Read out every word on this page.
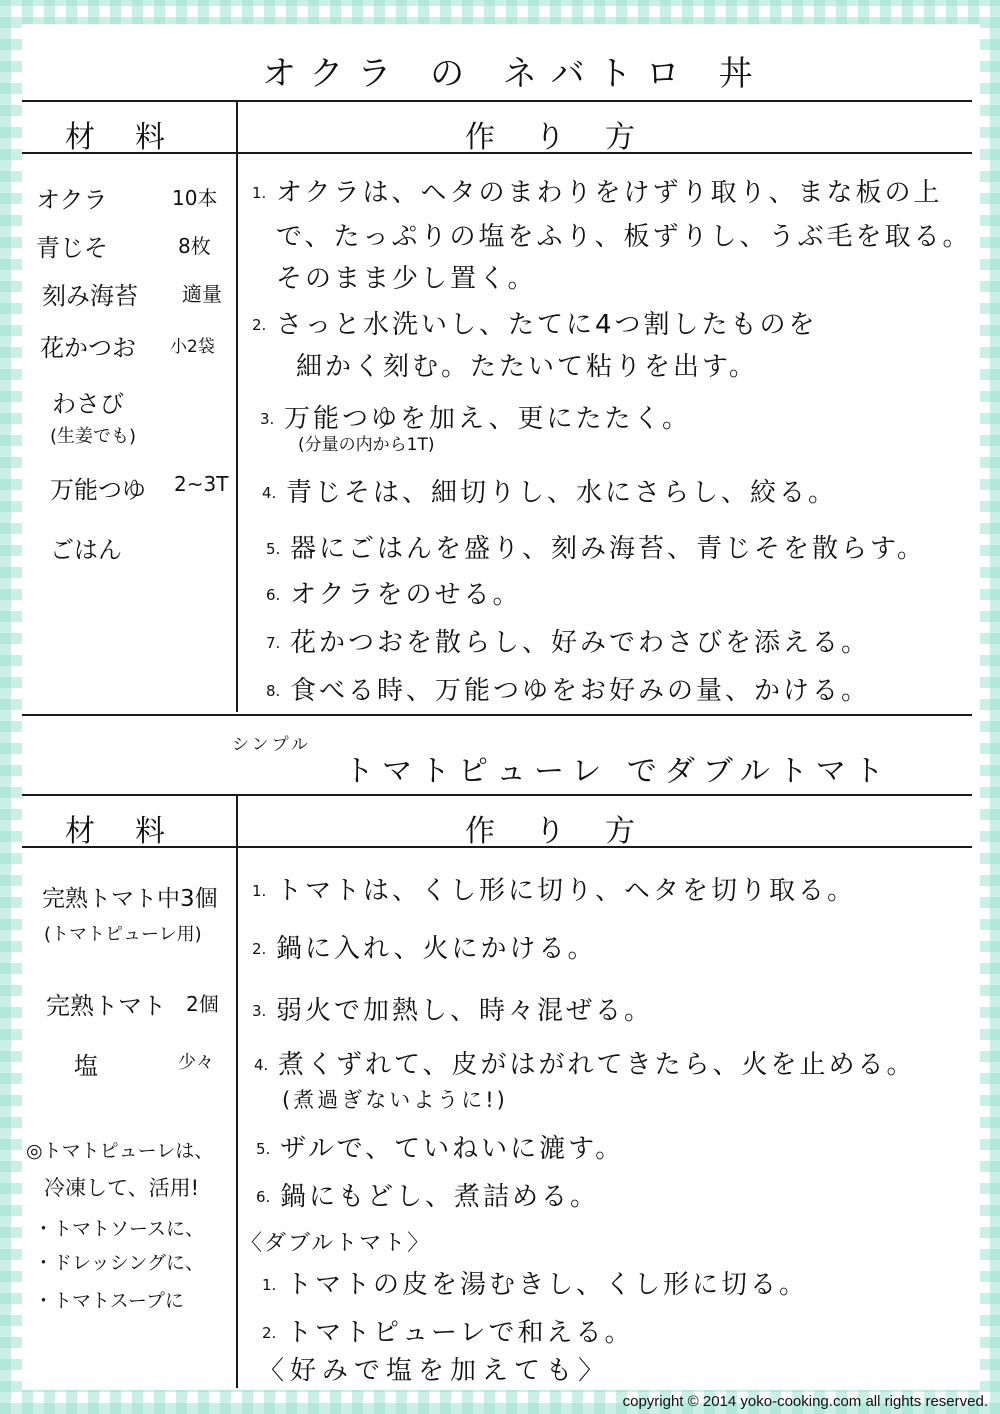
オクラ の ネバトロ 丼
材料	作り方
オクラ	10本
青じそ	8枚
刻み海苔 適量
花かつお 小2袋
わさび
(生姜でも)
万能つゆ 2~3T
ごはん
1. オクラは、ヘタのまわりをけずり取り、まな板の上
で、たっぷりの塩をふり、板ずりし、うぶ毛を取る。
そのまま少し置く。
2. さっと水洗いし、たてに4つ割したものを
細かく刻む。たたいて粘りを出す。
3. 万能つゆを加え、更にたたく。
(分量の内から1T)
4. 青じそは、細切りし、水にさらし、絞る。
5. 器にごはんを盛り、刻み海苔、青じそを散らす。
6. オクラをのせる。
7. 花かつおを散らし、好みでわさびを添える。
8. 食べる時、万能つゆをお好みの量、かける。
シンプル
トマトピューレ でダブルトマト
材料	作り方
完熟トマト中3個
(トマトピューレ用)
完熟トマト 2個
塩	少々
◎トマトピューレは、
冷凍して、活用!
・トマトソースに、
・ドレッシングに、
・トマトスープに
1. トマトは、くし形に切り、ヘタを切り取る。
2. 鍋に入れ、火にかける。
3. 弱火で加熱し、時々混ぜる。
4. 煮くずれて、皮がはがれてきたら、火を止める。
(煮過ぎないように!)
5. ザルで、ていねいに漉す。
6. 鍋にもどし、煮詰める。
〈ダブルトマト〉
1. トマトの皮を湯むきし、くし形に切る。
2. トマトピューレで和える。
〈好みで塩を加えても〉
copyright © 2014 yoko-cooking.com all rights reserved.
